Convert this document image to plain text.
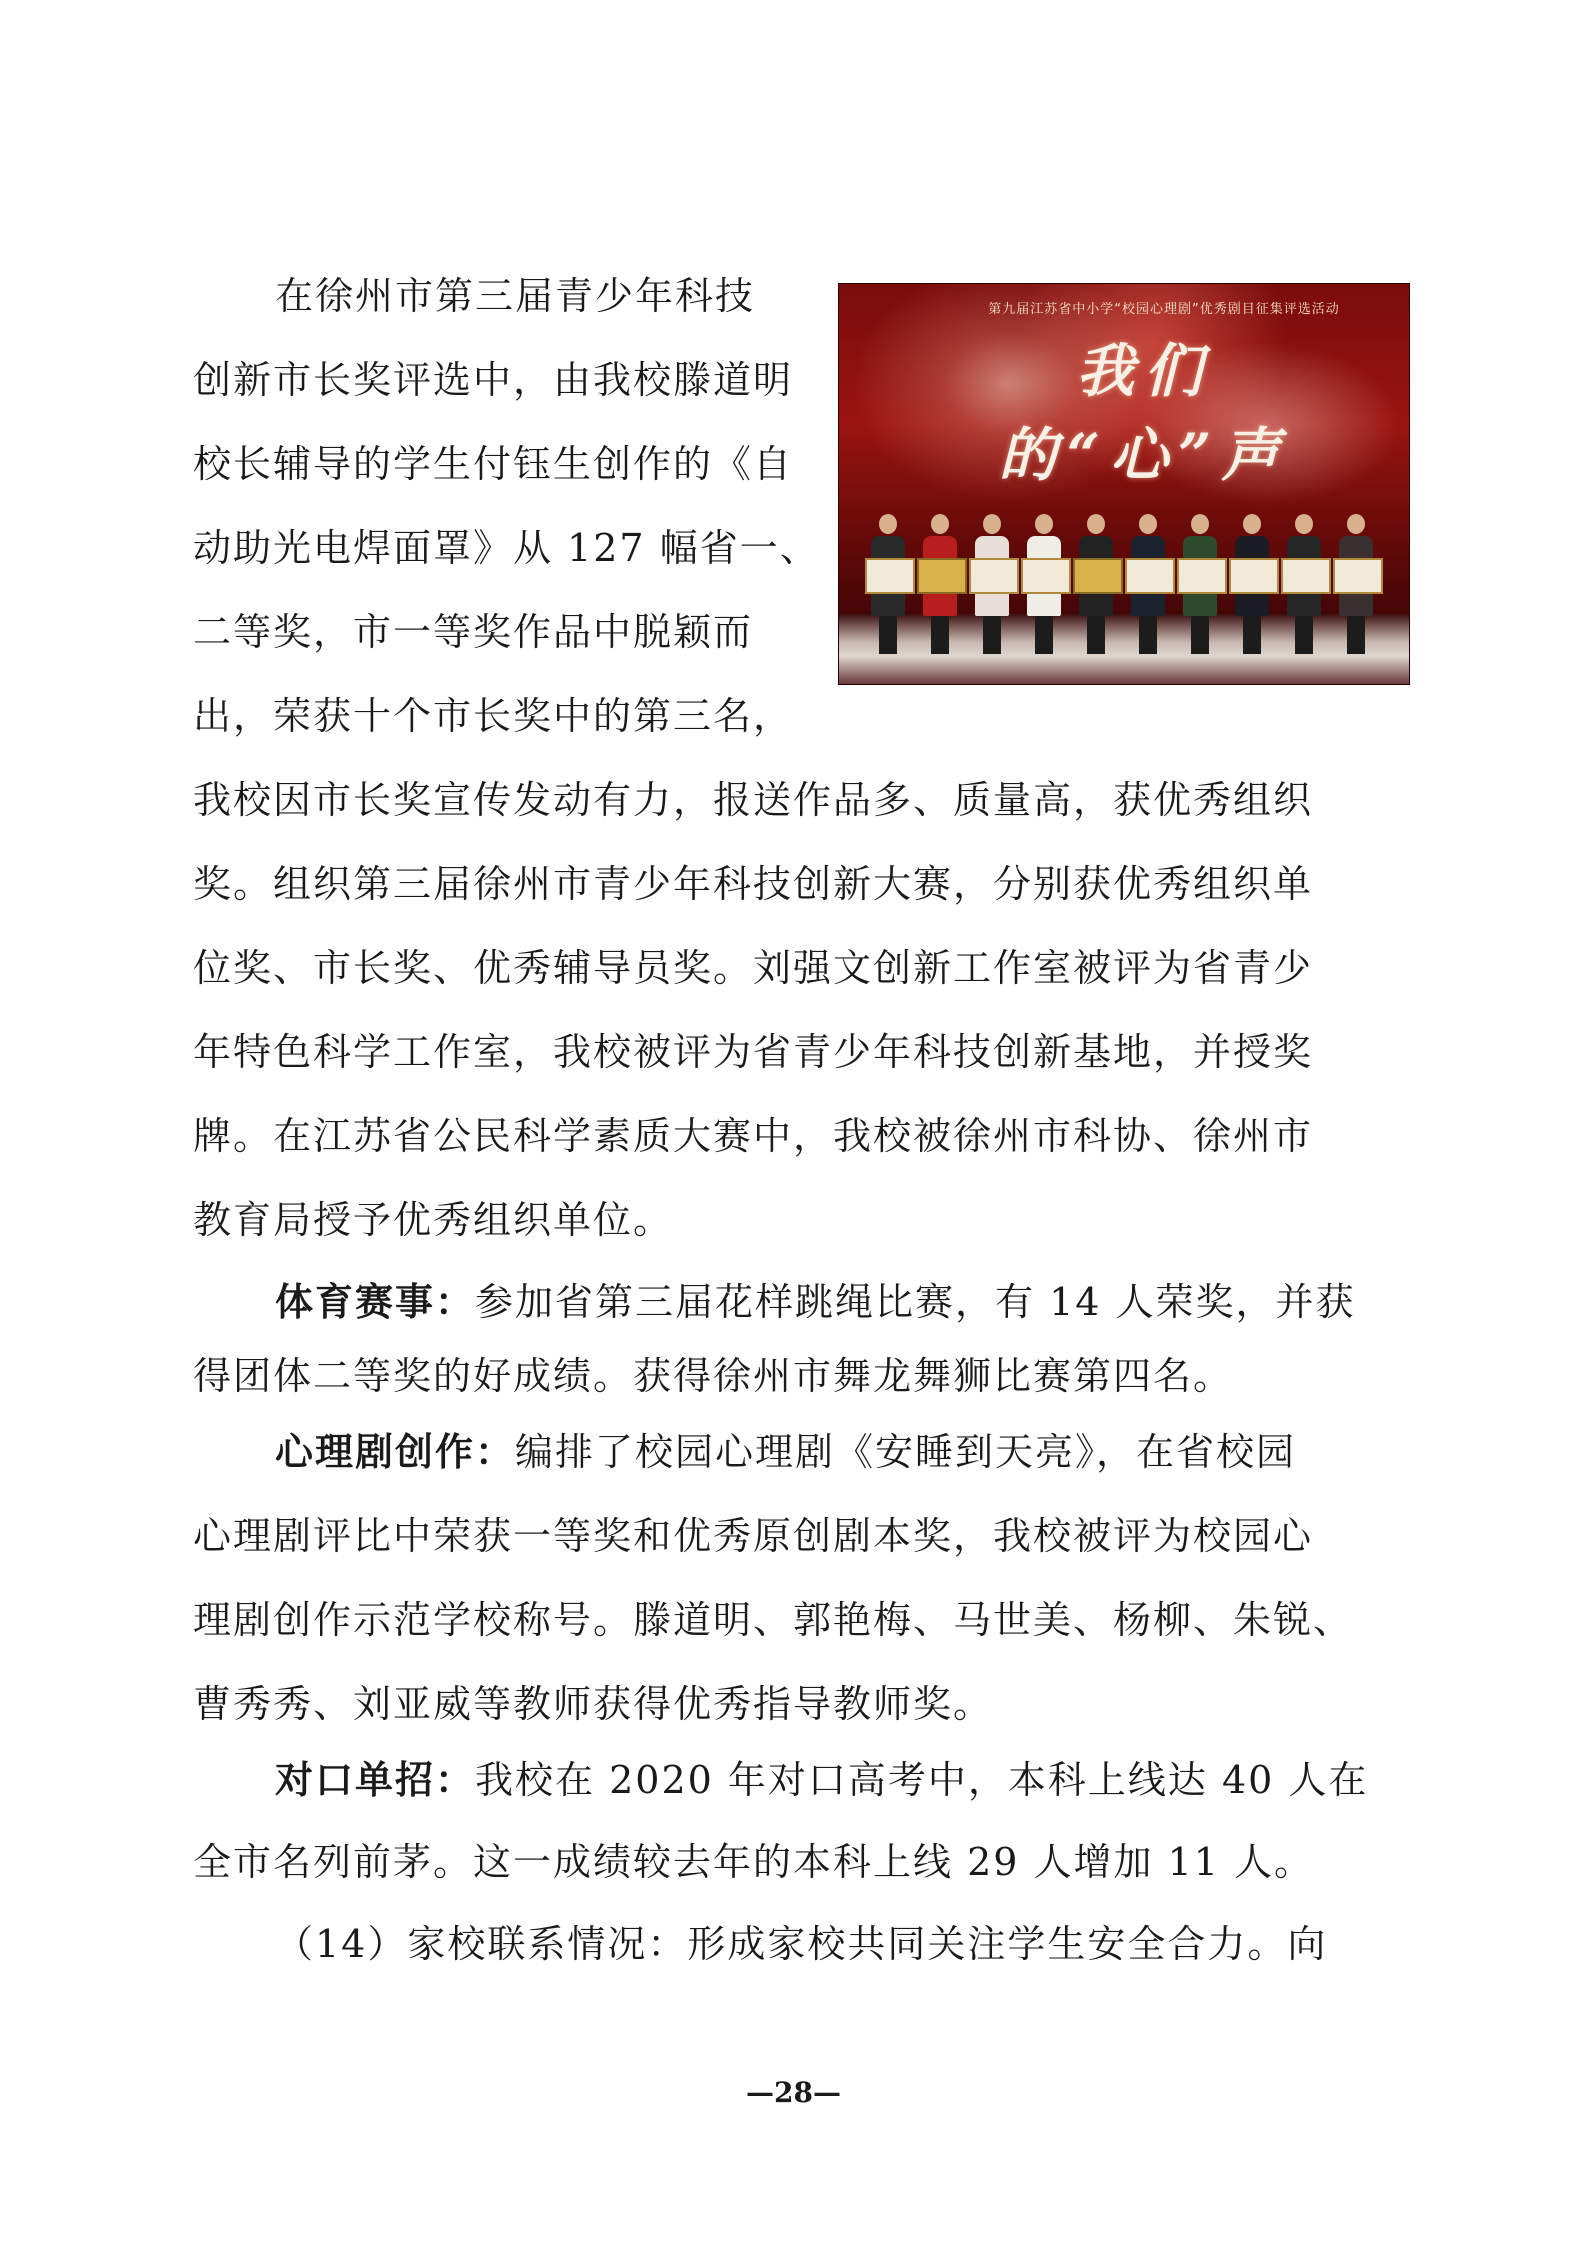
第九届江苏省中小学“校园心理剧”优秀剧目征集评选活动
我们的“心”声
在徐州市第三届青少年科技
创新市长奖评选中，由我校滕道明
校长辅导的学生付钰生创作的《自
动助光电焊面罩》从 127 幅省一、
二等奖，市一等奖作品中脱颖而
出，荣获十个市长奖中的第三名，
我校因市长奖宣传发动有力，报送作品多、质量高，获优秀组织
奖。组织第三届徐州市青少年科技创新大赛，分别获优秀组织单
位奖、市长奖、优秀辅导员奖。刘强文创新工作室被评为省青少
年特色科学工作室，我校被评为省青少年科技创新基地，并授奖
牌。在江苏省公民科学素质大赛中，我校被徐州市科协、徐州市
教育局授予优秀组织单位。
体育赛事：参加省第三届花样跳绳比赛，有 14 人荣奖，并获
得团体二等奖的好成绩。获得徐州市舞龙舞狮比赛第四名。
心理剧创作：编排了校园心理剧《安睡到天亮》，在省校园
心理剧评比中荣获一等奖和优秀原创剧本奖，我校被评为校园心
理剧创作示范学校称号。滕道明、郭艳梅、马世美、杨柳、朱锐、
曹秀秀、刘亚威等教师获得优秀指导教师奖。
对口单招：我校在 2020 年对口高考中，本科上线达 40 人在
全市名列前茅。这一成绩较去年的本科上线 29 人增加 11 人。
（14）家校联系情况：形成家校共同关注学生安全合力。向
—28—
